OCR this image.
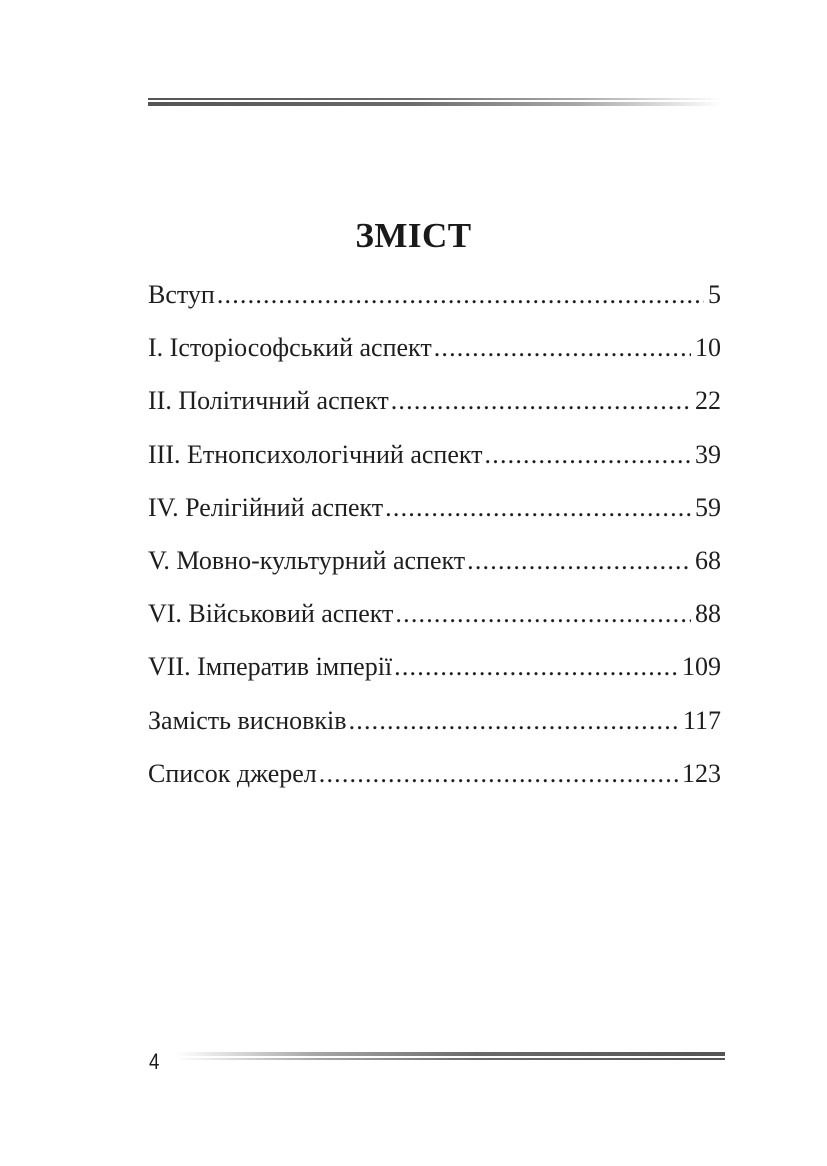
ЗМІСТ
Вступ .....	5
I. Історіософський аспект .....	10
II. Політичний аспект .....	22
III. Етнопсихологічний аспект .....	39
IV. Релігійний аспект .....	59
V. Мовно-культурний аспект .....	68
VI. Військовий аспект .....	88
VII. Імператив імперії .....	109
Замість висновків .....	117
Список джерел .....	123
4
